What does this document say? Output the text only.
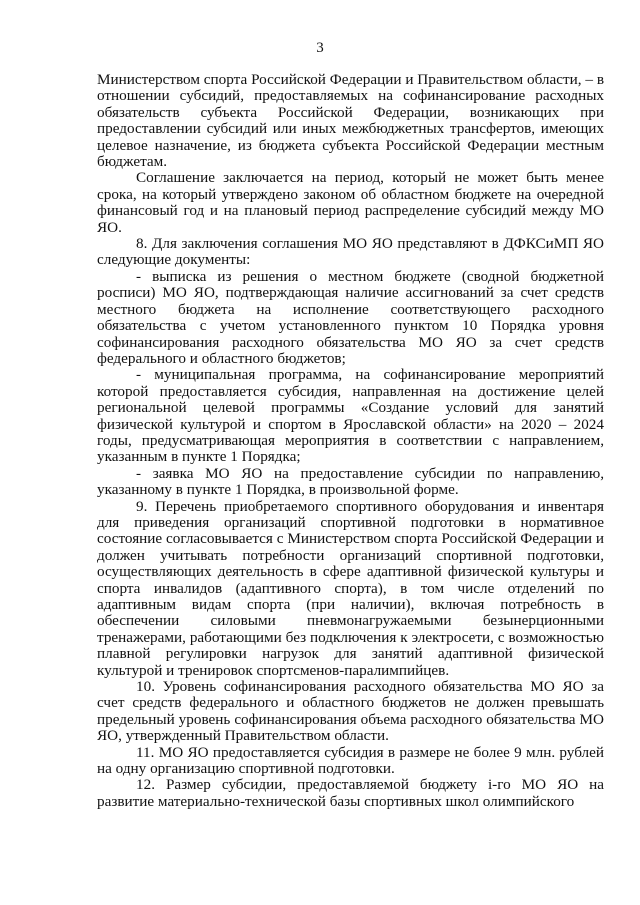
3

Министерством спорта Российской Федерации и Правительством области, – в отношении субсидий, предоставляемых на софинансирование расходных обязательств субъекта Российской Федерации, возникающих при предоставлении субсидий или иных межбюджетных трансфертов, имеющих целевое назначение, из бюджета субъекта Российской Федерации местным бюджетам.

Соглашение заключается на период, который не может быть менее срока, на который утверждено законом об областном бюджете на очередной финансовый год и на плановый период распределение субсидий между МО ЯО.

8. Для заключения соглашения МО ЯО представляют в ДФКСиМП ЯО следующие документы:

- выписка из решения о местном бюджете (сводной бюджетной росписи) МО ЯО, подтверждающая наличие ассигнований за счет средств местного бюджета на исполнение соответствующего расходного обязательства с учетом установленного пунктом 10 Порядка уровня софинансирования расходного обязательства МО ЯО за счет средств федерального и областного бюджетов;

- муниципальная программа, на софинансирование мероприятий которой предоставляется субсидия, направленная на достижение целей региональной целевой программы «Создание условий для занятий физической культурой и спортом в Ярославской области» на 2020 – 2024 годы, предусматривающая мероприятия в соответствии с направлением, указанным в пункте 1 Порядка;

- заявка МО ЯО на предоставление субсидии по направлению, указанному в пункте 1 Порядка, в произвольной форме.

9. Перечень приобретаемого спортивного оборудования и инвентаря для приведения организаций спортивной подготовки в нормативное состояние согласовывается с Министерством спорта Российской Федерации и должен учитывать потребности организаций спортивной подготовки, осуществляющих деятельность в сфере адаптивной физической культуры и спорта инвалидов (адаптивного спорта), в том числе отделений по адаптивным видам спорта (при наличии), включая потребность в обеспечении силовыми пневмонагружаемыми безынерционными тренажерами, работающими без подключения к электросети, с возможностью плавной регулировки нагрузок для занятий адаптивной физической культурой и тренировок спортсменов-паралимпийцев.

10. Уровень софинансирования расходного обязательства МО ЯО за счет средств федерального и областного бюджетов не должен превышать предельный уровень софинансирования объема расходного обязательства МО ЯО, утвержденный Правительством области.

11. МО ЯО предоставляется субсидия в размере не более 9 млн. рублей на одну организацию спортивной подготовки.

12. Размер субсидии, предоставляемой бюджету i-го МО ЯО на развитие материально-технической базы спортивных школ олимпийского
